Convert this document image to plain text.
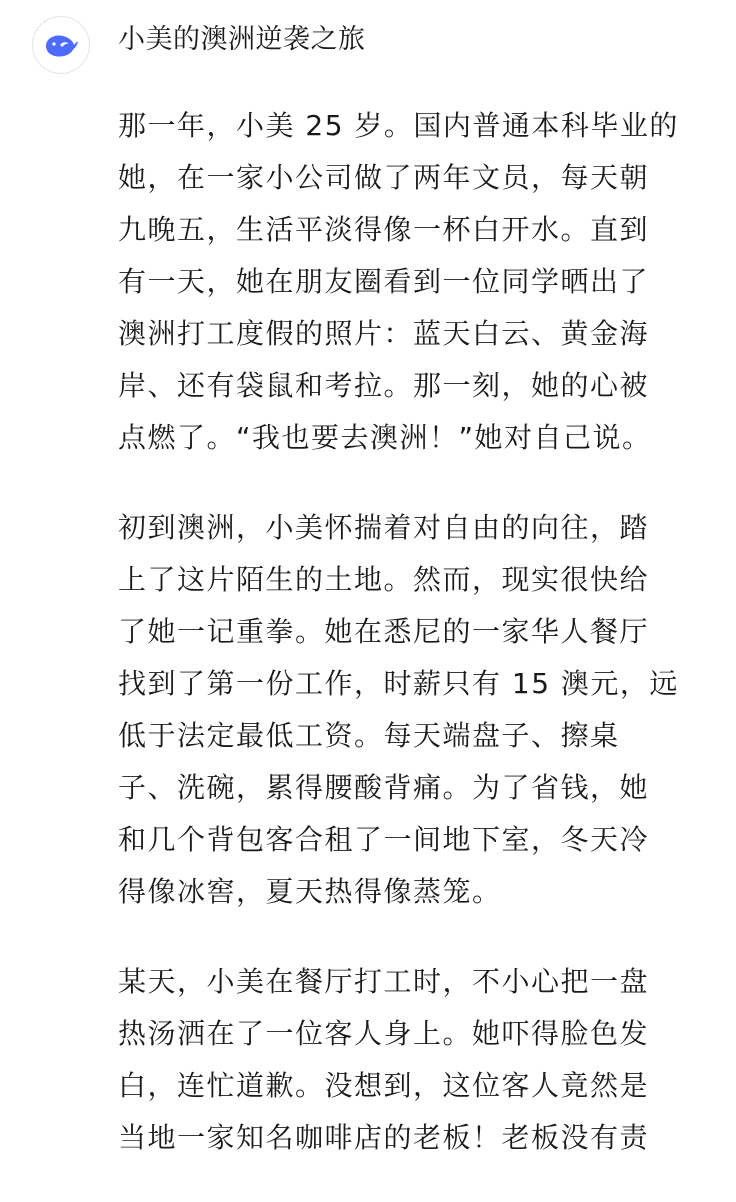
小美的澳洲逆袭之旅
那一年，小美 25 岁。国内普通本科毕业的
她，在一家小公司做了两年文员，每天朝
九晚五，生活平淡得像一杯白开水。直到
有一天，她在朋友圈看到一位同学晒出了
澳洲打工度假的照片：蓝天白云、黄金海
岸、还有袋鼠和考拉。那一刻，她的心被
点燃了。“我也要去澳洲！”她对自己说。
初到澳洲，小美怀揣着对自由的向往，踏
上了这片陌生的土地。然而，现实很快给
了她一记重拳。她在悉尼的一家华人餐厅
找到了第一份工作，时薪只有 15 澳元，远
低于法定最低工资。每天端盘子、擦桌
子、洗碗，累得腰酸背痛。为了省钱，她
和几个背包客合租了一间地下室，冬天冷
得像冰窖，夏天热得像蒸笼。
某天，小美在餐厅打工时，不小心把一盘
热汤洒在了一位客人身上。她吓得脸色发
白，连忙道歉。没想到，这位客人竟然是
当地一家知名咖啡店的老板！老板没有责
